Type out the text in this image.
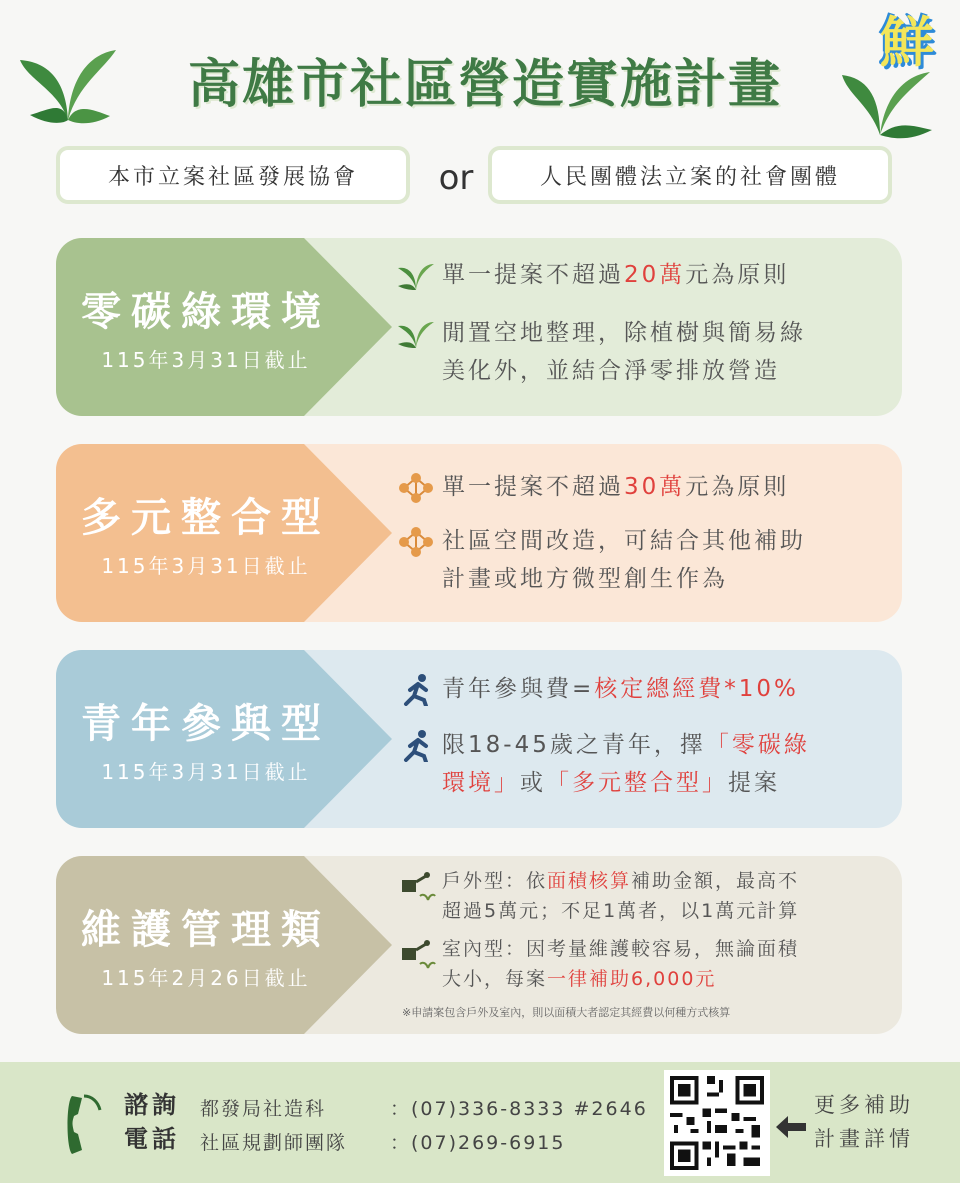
高雄市社區營造實施計畫
鮮
本市立案社區發展協會	or	人民團體法立案的社會團體
零碳綠環境
115年3月31日截止
單一提案不超過20萬元為原則
閒置空地整理，除植樹與簡易綠
美化外，並結合淨零排放營造
多元整合型
115年3月31日截止
單一提案不超過30萬元為原則
社區空間改造，可結合其他補助
計畫或地方微型創生作為
青年參與型
115年3月31日截止
青年參與費=核定總經費*10%
限18-45歲之青年，擇「零碳綠
環境」或「多元整合型」提案
維護管理類
115年2月26日截止
戶外型：依面積核算補助金額，最高不
超過5萬元；不足1萬者，以1萬元計算
室內型：因考量維護較容易，無論面積
大小，每案一律補助6,000元
※申請案包含戶外及室內，則以面積大者認定其經費以何種方式核算
諮詢
電話
都發局社造科	：(07)336-8333 #2646
社區規劃師團隊 ：(07)269-6915
更多補助
計畫詳情
